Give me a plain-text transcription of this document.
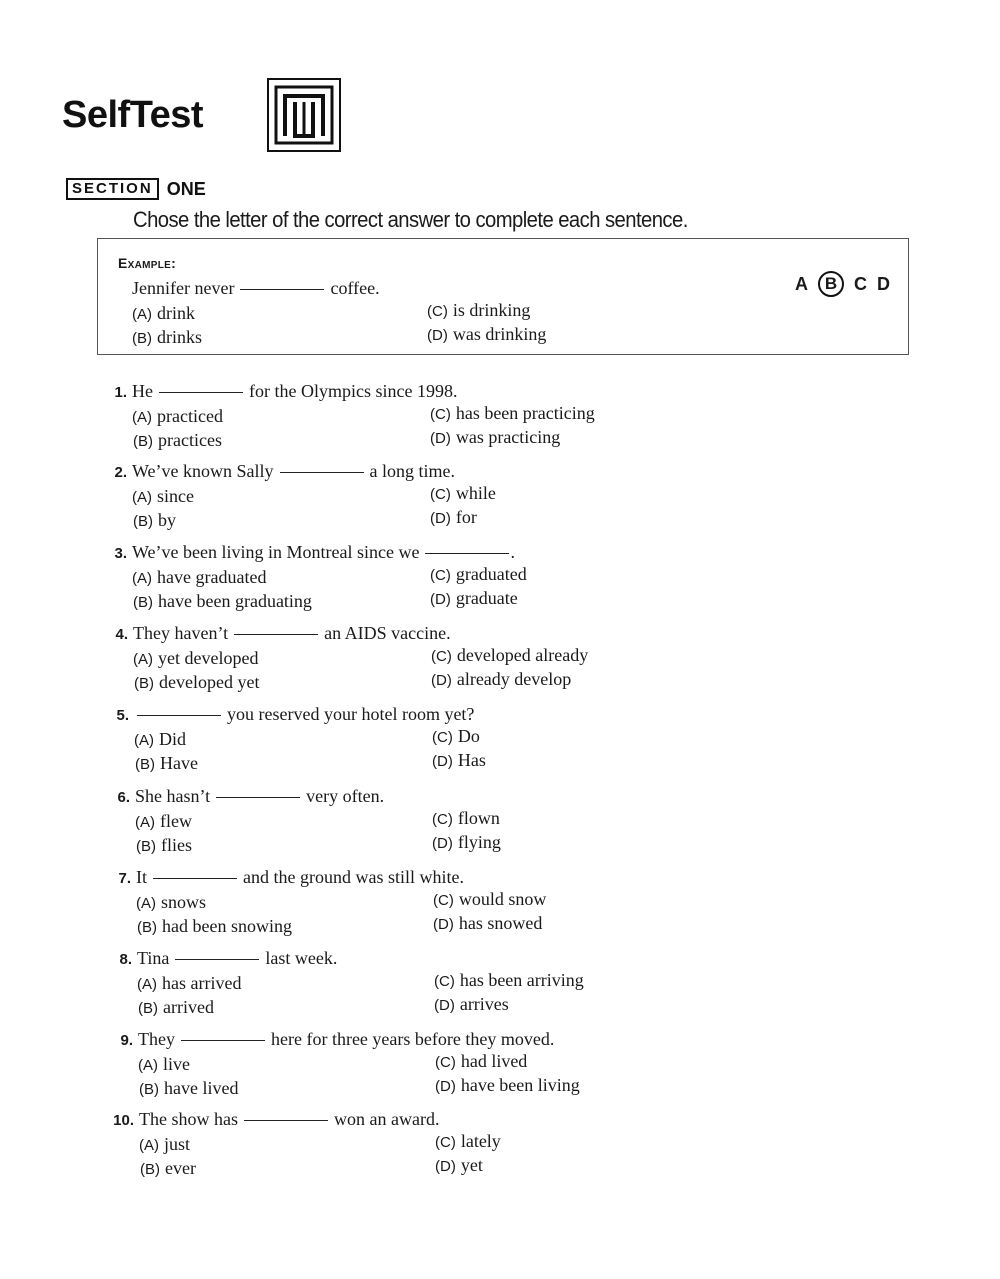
SelfTest
SECTION ONE
Chose the letter of the correct answer to complete each sentence.
Example:
A B C D
Jennifer never	coffee.
(A) drink
(B) drinks
(C) is drinking
(D) was drinking
1. He	for the Olympics since 1998.
(A) practiced
(B) practices
(C) has been practicing
(D) was practicing
2. We’ve known Sally	a long time.
(A) since
(B) by
(C) while
(D) for
3. We’ve been living in Montreal since we	.
(A) have graduated
(B) have been graduating
(C) graduated
(D) graduate
4. They haven’t	an AIDS vaccine.
(A) yet developed
(B) developed yet
(C) developed already
(D) already develop
5.	you reserved your hotel room yet?
(A) Did
(B) Have
(C) Do
(D) Has
6. She hasn’t	very often.
(A) flew
(B) flies
(C) flown
(D) flying
7. It	and the ground was still white.
(A) snows
(B) had been snowing
(C) would snow
(D) has snowed
8. Tina	last week.
(A) has arrived
(B) arrived
(C) has been arriving
(D) arrives
9. They	here for three years before they moved.
(A) live
(B) have lived
(C) had lived
(D) have been living
10. The show has	won an award.
(A) just
(B) ever
(C) lately
(D) yet
